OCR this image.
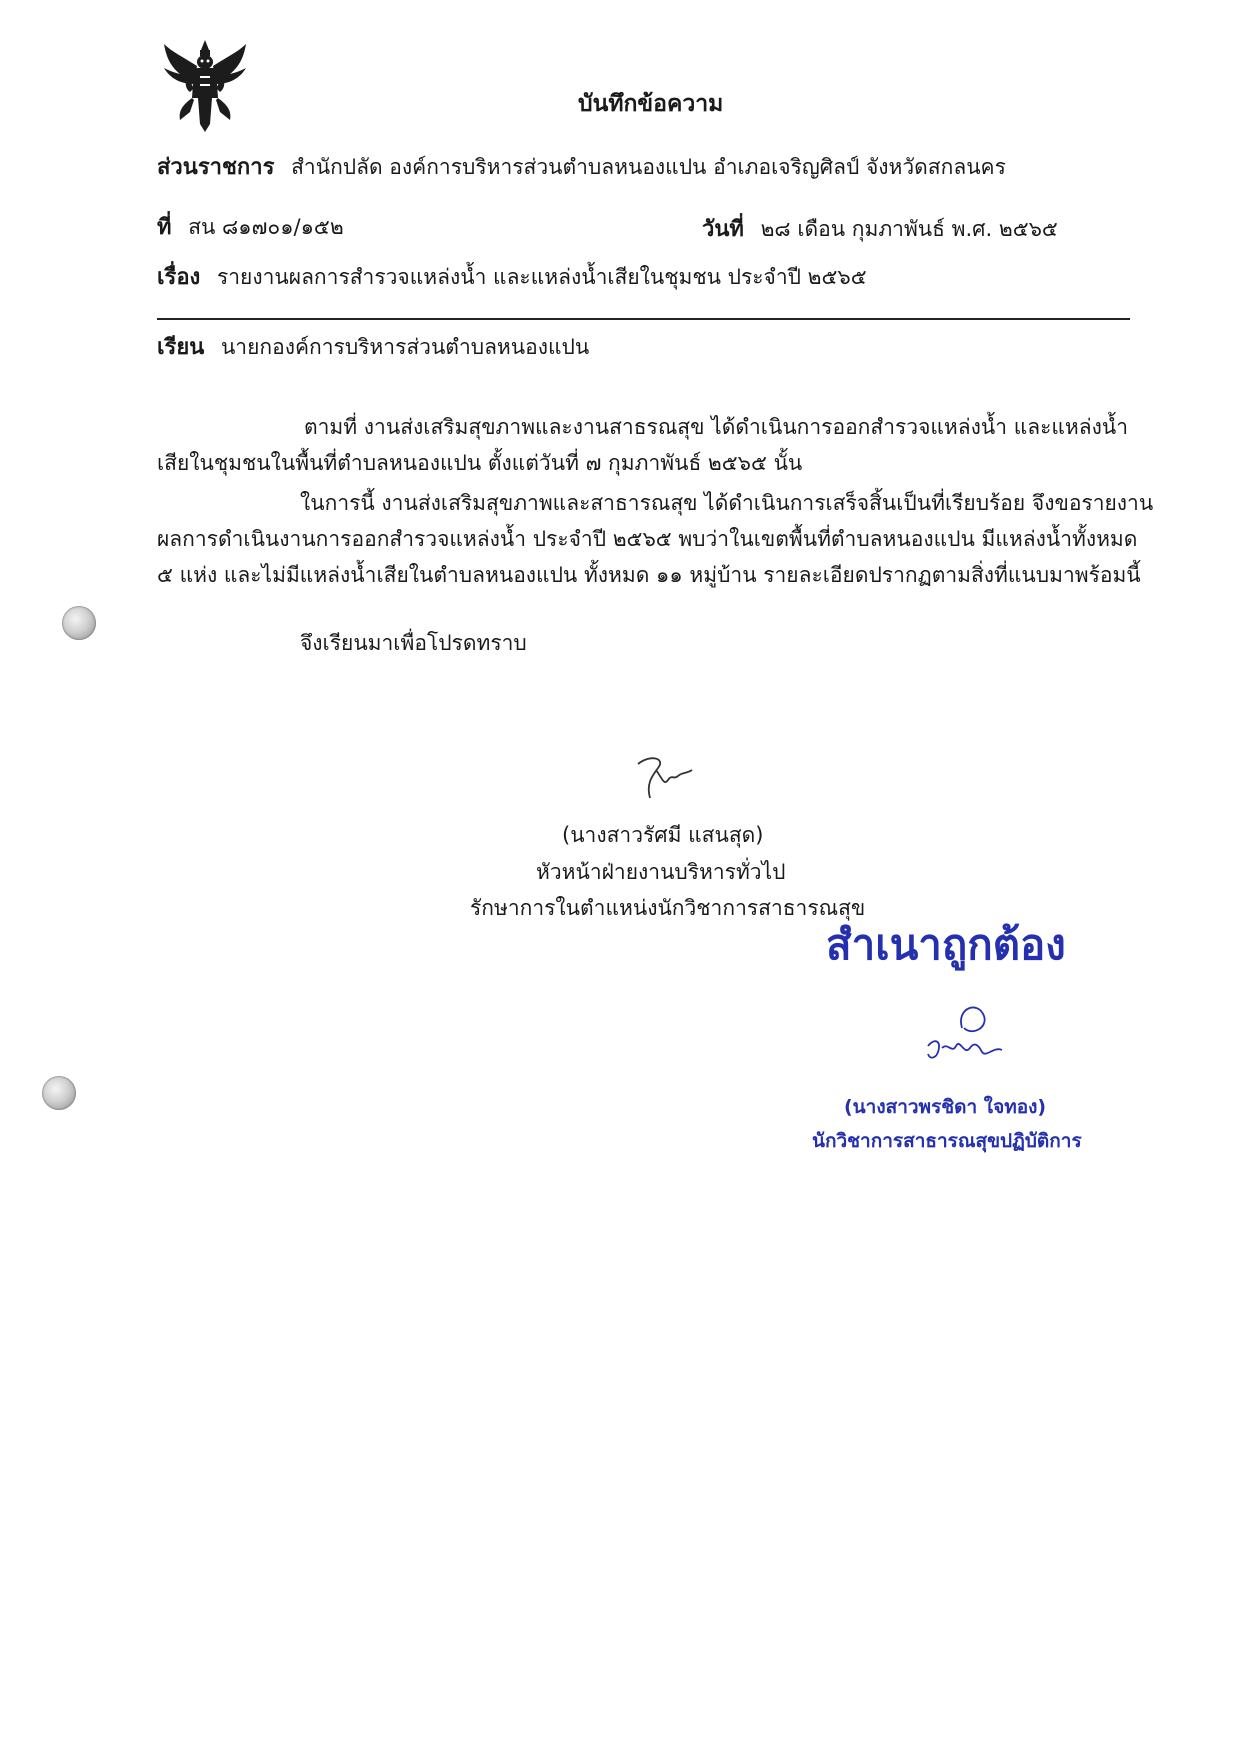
บันทึกข้อความ
ส่วนราชการ สำนักปลัด องค์การบริหารส่วนตำบลหนองแปน อำเภอเจริญศิลป์ จังหวัดสกลนคร
ที่ สน ๘๑๗๐๑/๑๕๒	วันที่ ๒๘ เดือน กุมภาพันธ์ พ.ศ. ๒๕๖๕
เรื่อง รายงานผลการสำรวจแหล่งน้ำ และแหล่งน้ำเสียในชุมชน ประจำปี ๒๕๖๕
เรียน นายกองค์การบริหารส่วนตำบลหนองแปน
ตามที่ งานส่งเสริมสุขภาพและงานสาธรณสุข ได้ดำเนินการออกสำรวจแหล่งน้ำ และแหล่งน้ำ
เสียในชุมชนในพื้นที่ตำบลหนองแปน ตั้งแต่วันที่ ๗ กุมภาพันธ์ ๒๕๖๕ นั้น
ในการนี้ งานส่งเสริมสุขภาพและสาธารณสุข ได้ดำเนินการเสร็จสิ้นเป็นที่เรียบร้อย จึงขอรายงาน
ผลการดำเนินงานการออกสำรวจแหล่งน้ำ ประจำปี ๒๕๖๕ พบว่าในเขตพื้นที่ตำบลหนองแปน มีแหล่งน้ำทั้งหมด
๕ แห่ง และไม่มีแหล่งน้ำเสียในตำบลหนองแปน ทั้งหมด ๑๑ หมู่บ้าน รายละเอียดปรากฏตามสิ่งที่แนบมาพร้อมนี้
จึงเรียนมาเพื่อโปรดทราบ
(นางสาวรัศมี แสนสุด)
หัวหน้าฝ่ายงานบริหารทั่วไป
รักษาการในตำแหน่งนักวิชาการสาธารณสุข
สำเนาถูกต้อง
(นางสาวพรชิดา ใจทอง)
นักวิชาการสาธารณสุขปฏิบัติการ
